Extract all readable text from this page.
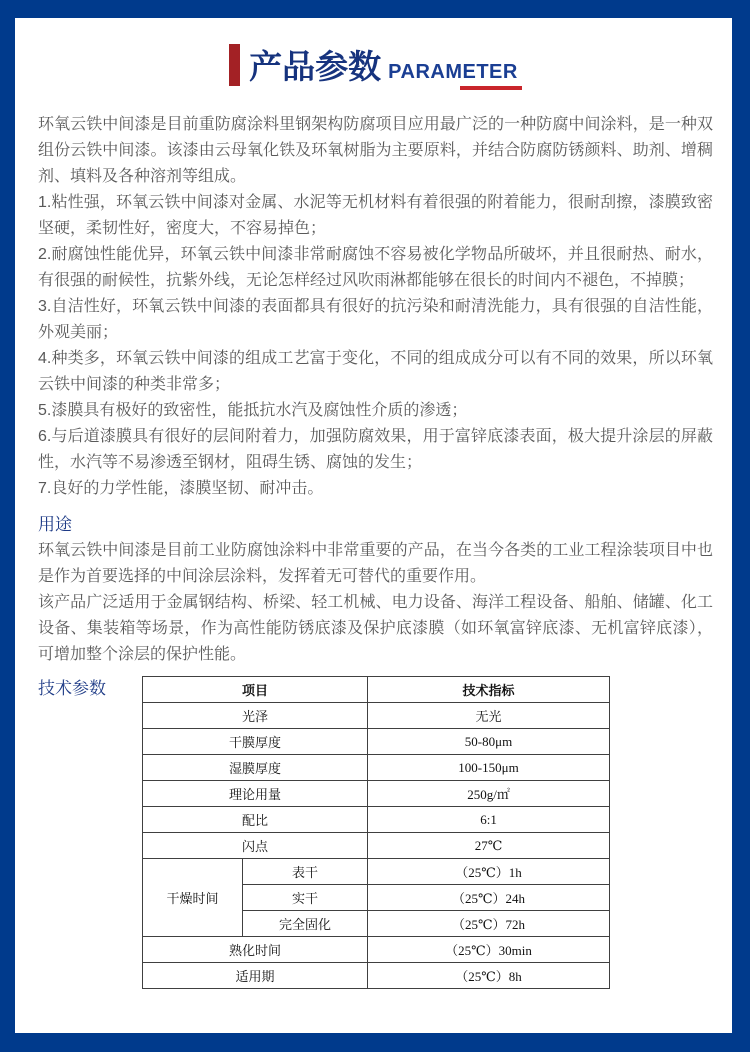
产品参数 PARAMETER

环氧云铁中间漆是目前重防腐涂料里钢架构防腐项目应用最广泛的一种防腐中间涂料，是一种双组份云铁中间漆。该漆由云母氧化铁及环氧树脂为主要原料，并结合防腐防锈颜料、助剂、增稠剂、填料及各种溶剂等组成。

1.粘性强，环氧云铁中间漆对金属、水泥等无机材料有着很强的附着能力，很耐刮擦，漆膜致密坚硬，柔韧性好，密度大，不容易掉色；

2.耐腐蚀性能优异，环氧云铁中间漆非常耐腐蚀不容易被化学物品所破坏，并且很耐热、耐水，有很强的耐候性，抗紫外线，无论怎样经过风吹雨淋都能够在很长的时间内不褪色，不掉膜；

3.自洁性好，环氧云铁中间漆的表面都具有很好的抗污染和耐清洗能力，具有很强的自洁性能，外观美丽；

4.种类多，环氧云铁中间漆的组成工艺富于变化，不同的组成成分可以有不同的效果，所以环氧云铁中间漆的种类非常多；

5.漆膜具有极好的致密性，能抵抗水汽及腐蚀性介质的渗透；

6.与后道漆膜具有很好的层间附着力，加强防腐效果，用于富锌底漆表面，极大提升涂层的屏蔽性，水汽等不易渗透至钢材，阻碍生锈、腐蚀的发生；

7.良好的力学性能，漆膜坚韧、耐冲击。

用途

环氧云铁中间漆是目前工业防腐蚀涂料中非常重要的产品，在当今各类的工业工程涂装项目中也是作为首要选择的中间涂层涂料，发挥着无可替代的重要作用。

该产品广泛适用于金属钢结构、桥梁、轻工机械、电力设备、海洋工程设备、船舶、储罐、化工设备、集装箱等场景，作为高性能防锈底漆及保护底漆膜（如环氧富锌底漆、无机富锌底漆），可增加整个涂层的保护性能。

技术参数	项目		技术指标
光泽		无光
干膜厚度		50-80μm
湿膜厚度		100-150μm
理论用量		250g/㎡
配比		6:1
闪点		27℃
干燥时间	表干	（25℃）1h
	实干	（25℃）24h
	完全固化	（25℃）72h
熟化时间		（25℃）30min
适用期		（25℃）8h
